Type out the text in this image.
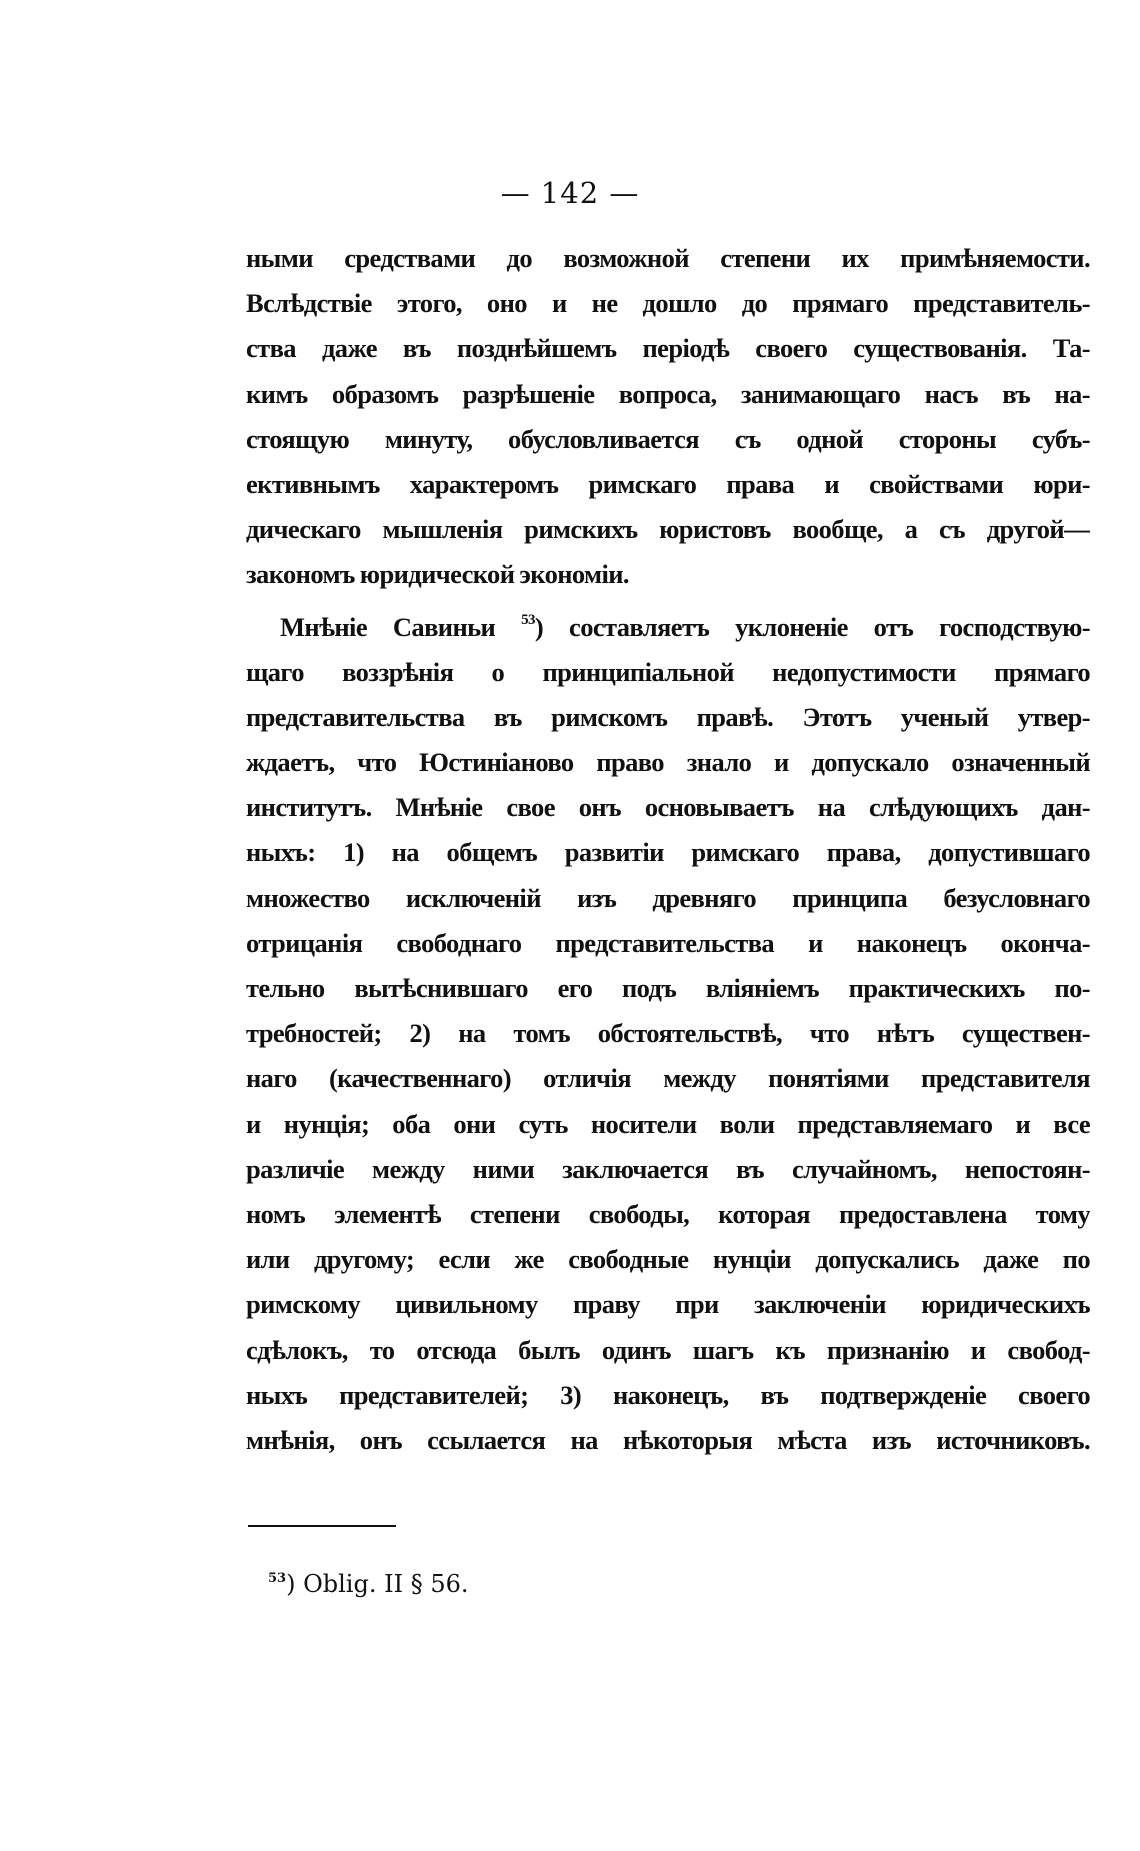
— 142 —
ными средствами до возможной степени их примѣняемости.
Вслѣдствіе этого, оно и не дошло до прямаго представитель-
ства даже въ позднѣйшемъ періодѣ своего существованія. Та-
кимъ образомъ разрѣшеніе вопроса, занимающаго насъ въ на-
стоящую минуту, обусловливается съ одной стороны субъ-
ективнымъ характеромъ римскаго права и свойствами юри-
дическаго мышленія римскихъ юристовъ вообще, а съ другой—
закономъ юридической экономіи.
Мнѣніе Савиньи $^{53}$) составляетъ уклоненіе отъ господствую-
щаго воззрѣнія о принципіальной недопустимости прямаго
представительства въ римскомъ правѣ. Этотъ ученый утвер-
ждаетъ, что Юстиніаново право знало и допускало означенный
институтъ. Мнѣніе свое онъ основываетъ на слѣдующихъ дан-
ныхъ: 1) на общемъ развитіи римскаго права, допустившаго
множество исключеній изъ древняго принципа безусловнаго
отрицанія свободнаго представительства и наконецъ оконча-
тельно вытѣснившаго его подъ вліяніемъ практическихъ по-
требностей; 2) на томъ обстоятельствѣ, что нѣтъ существен-
наго (качественнаго) отличія между понятіями представителя
и нунція; оба они суть носители воли представляемаго и все
различіе между ними заключается въ случайномъ, непостоян-
номъ элементѣ степени свободы, которая предоставлена тому
или другому; если же свободные нунціи допускались даже по
римскому цивильному праву при заключеніи юридическихъ
сдѣлокъ, то отсюда былъ одинъ шагъ къ признанію и свобод-
ныхъ представителей; 3) наконецъ, въ подтвержденіе своего
мнѣнія, онъ ссылается на нѣкоторыя мѣста изъ источниковъ.
$^{53}$) Oblig. II § 56.
